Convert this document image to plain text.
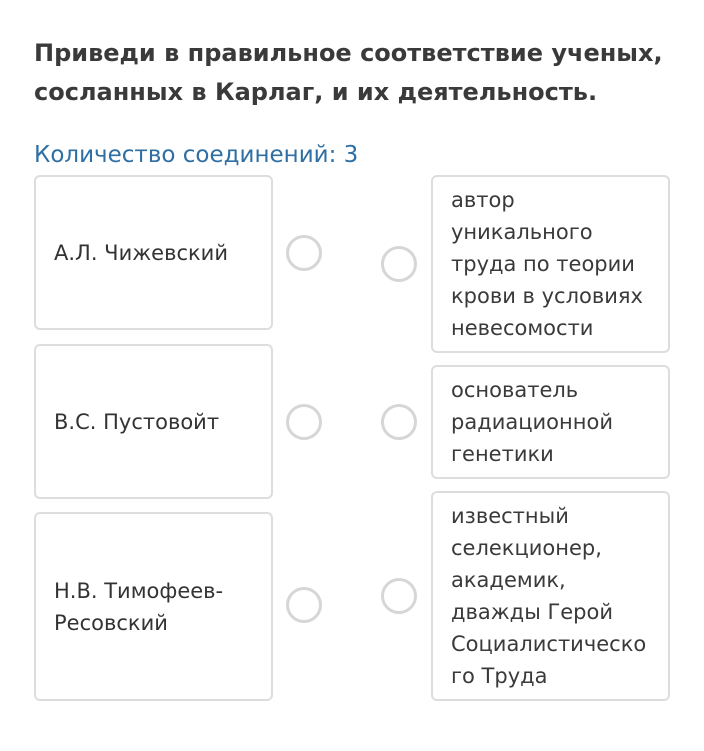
Приведи в правильное соответствие ученых, сосланных в Карлаг, и их деятельность.
Количество соединений: 3
А.Л. Чижевский
В.С. Пустовойт
Н.В. Тимофеев-
Ресовский
автор
уникального
труда по теории
крови в условиях
невесомости
основатель
радиационной
генетики
известный
селекционер,
академик,
дважды Герой
Социалистическо
го Труда
